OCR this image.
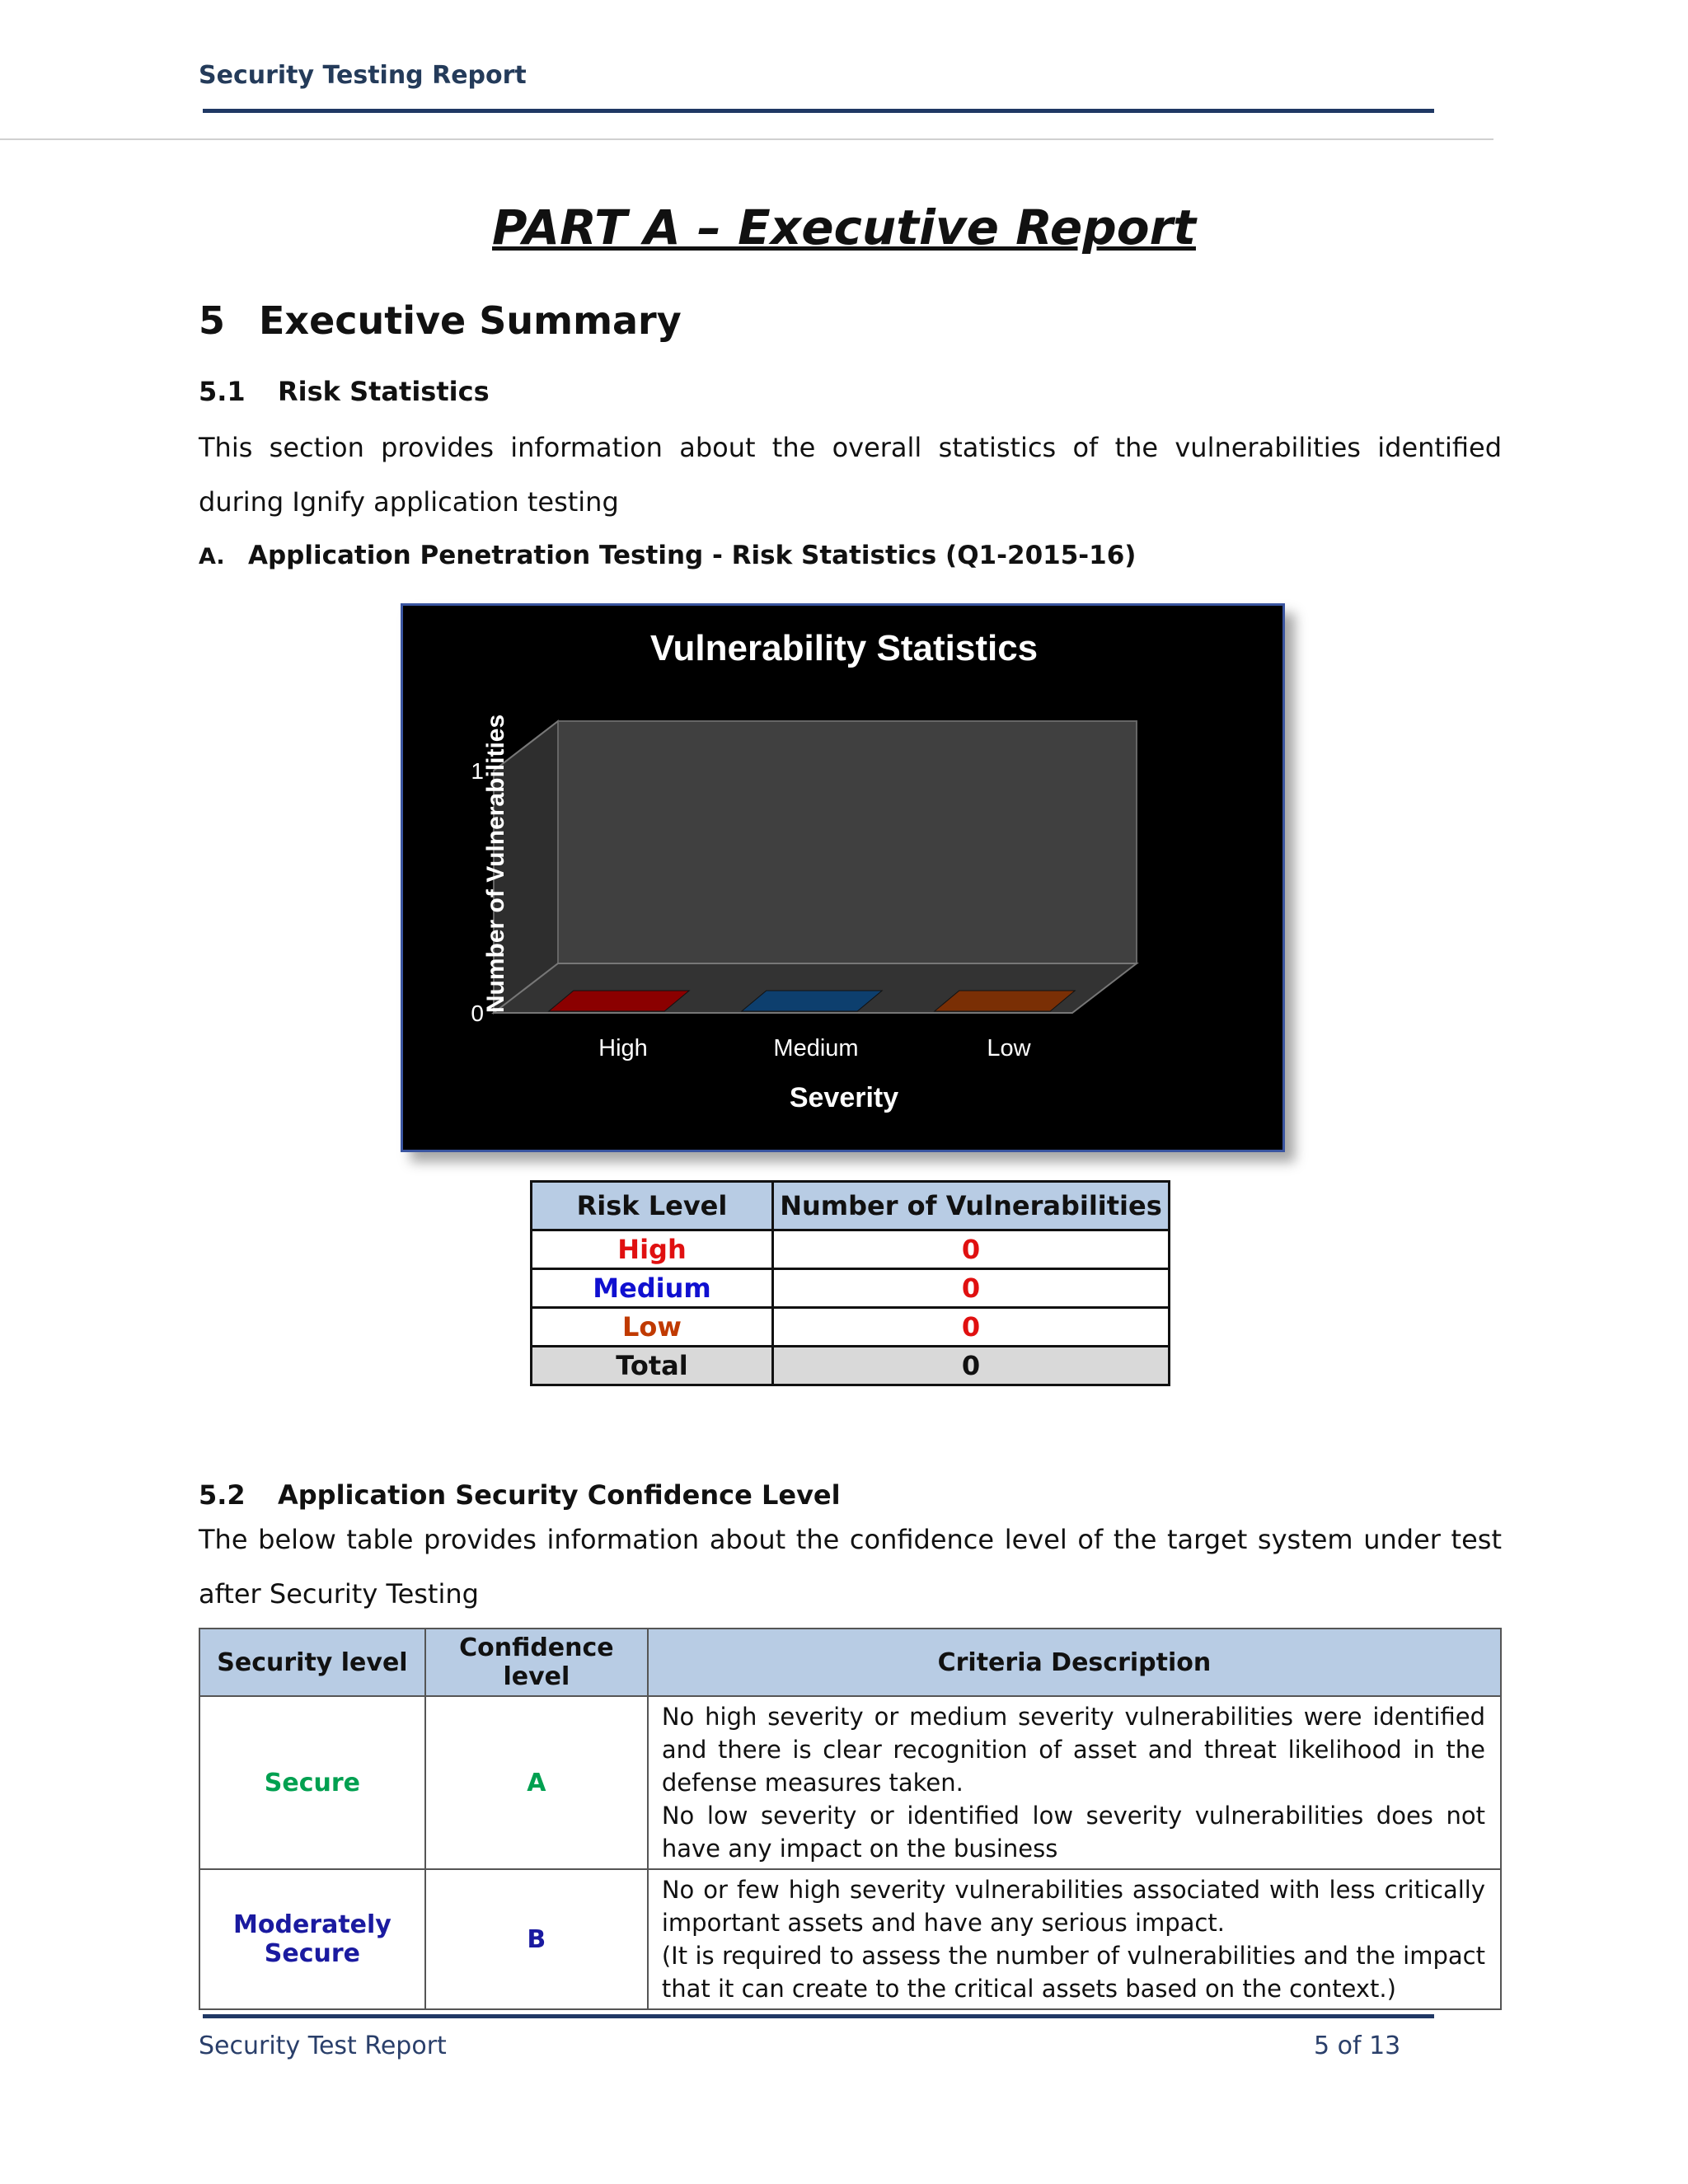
Security Testing Report
PART A – Executive Report
5 Executive Summary
5.1 Risk Statistics
This section provides information about the overall statistics of the vulnerabilities identified during Ignify application testing
A. Application Penetration Testing - Risk Statistics (Q1-2015-16)
Vulnerability Statistics
0
1
High	Medium	Low
Severity
Number of Vulnerabilities
Risk Level	Number of Vulnerabilities
High	0
Medium	0
Low	0
Total	0
5.2 Application Security Confidence Level
The below table provides information about the confidence level of the target system under test after Security Testing
Security level	Confidence level	Criteria Description
Secure	A	No high severity or medium severity vulnerabilities were identified and there is clear recognition of asset and threat likelihood in the defense measures taken.
No low severity or identified low severity vulnerabilities does not have any impact on the business

Moderately Secure	B	No or few high severity vulnerabilities associated with less critically important assets and have any serious impact.
(It is required to assess the number of vulnerabilities and the impact that it can create to the critical assets based on the context.)
Security Test Report	5 of 13
